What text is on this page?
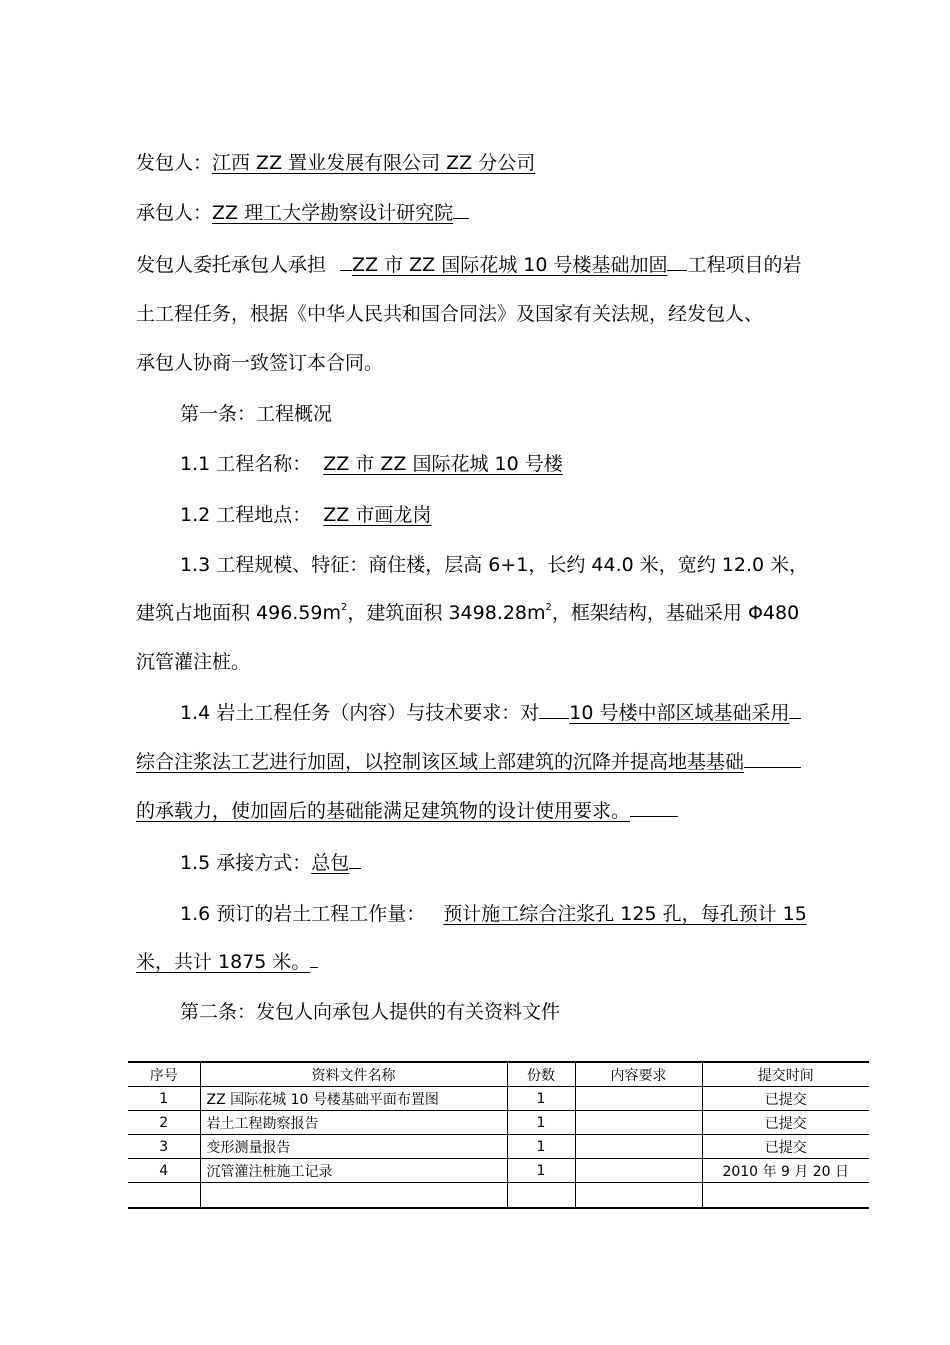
发包人：江西 ZZ 置业发展有限公司 ZZ 分公司
承包人：ZZ 理工大学勘察设计研究院
发包人委托承包人承担 ZZ 市 ZZ 国际花城 10 号楼基础加固 工程项目的岩
土工程任务，根据《中华人民共和国合同法》及国家有关法规，经发包人、
承包人协商一致签订本合同。
第一条：工程概况
1.1 工程名称： ZZ 市 ZZ 国际花城 10 号楼
1.2 工程地点： ZZ 市画龙岗
1.3 工程规模、特征：商住楼，层高 6+1，长约 44.0 米，宽约 12.0 米，
建筑占地面积 $496.59m^2$，建筑面积 $3498.28m^2$，框架结构，基础采用 Φ480
沉管灌注桩。
1.4 岩土工程任务（内容）与技术要求：对 10 号楼中部区域基础采用
综合注浆法工艺进行加固，以控制该区域上部建筑的沉降并提高地基基础
的承载力，使加固后的基础能满足建筑物的设计使用要求。
1.5 承接方式：总包
1.6 预订的岩土工程工作量： 预计施工综合注浆孔 125 孔，每孔预计 15
米，共计 1875 米。
第二条：发包人向承包人提供的有关资料文件
序号	资料文件名称	份数	内容要求	提交时间
1	ZZ 国际花城 10 号楼基础平面布置图	1		已提交
2	岩土工程勘察报告	1		已提交
3	变形测量报告	1		已提交
4	沉管灌注桩施工记录	1		2010 年 9 月 20 日
